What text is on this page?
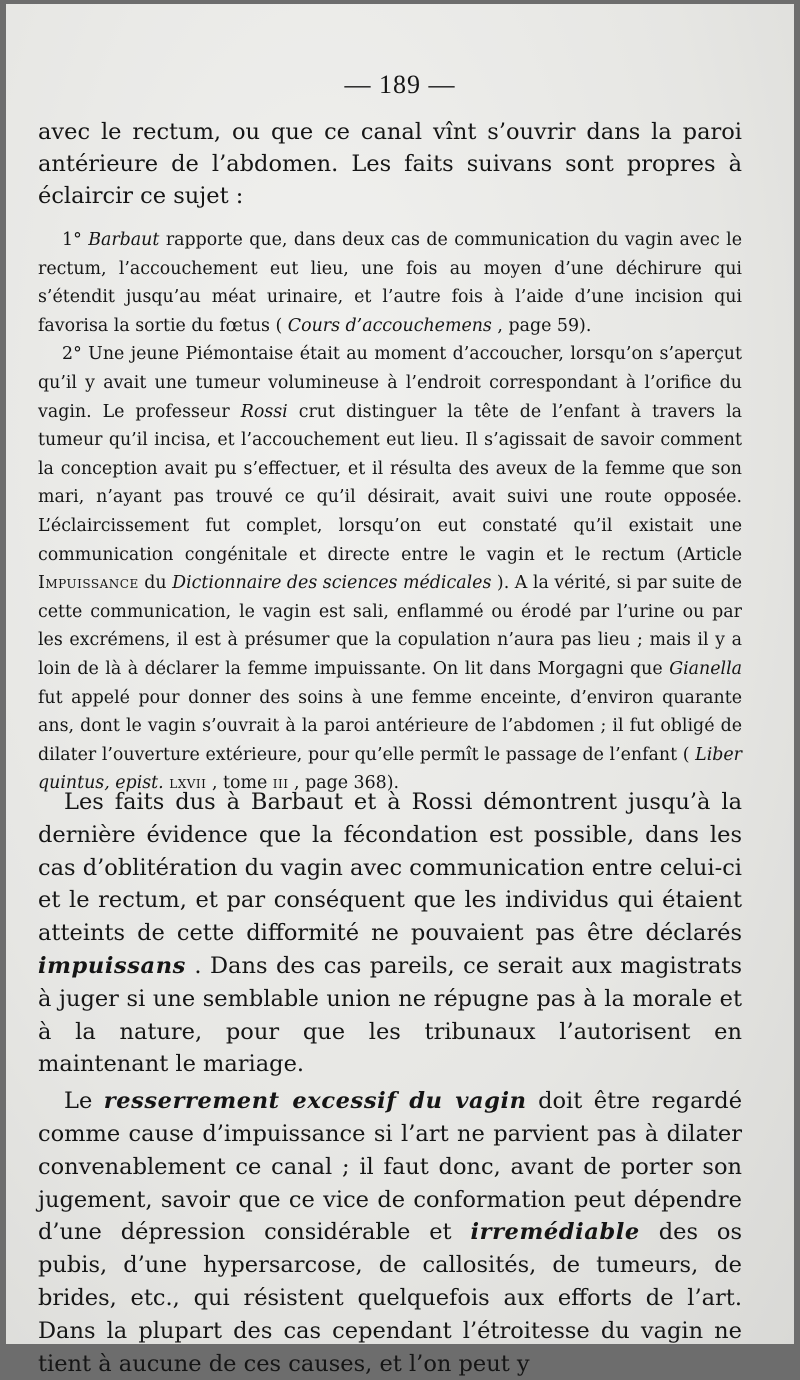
— 189 —
avec le rectum, ou que ce canal vînt s’ouvrir dans la paroi antérieure de l’abdomen. Les faits suivans sont propres à éclaircir ce sujet :

1° Barbaut rapporte que, dans deux cas de communication du vagin avec le rectum, l’accouchement eut lieu, une fois au moyen d’une déchirure qui s’étendit jusqu’au méat urinaire, et l’autre fois à l’aide d’une incision qui favorisa la sortie du fœtus ( Cours d’accouchemens , page 59).

2° Une jeune Piémontaise était au moment d’accoucher, lorsqu’on s’aperçut qu’il y avait une tumeur volumineuse à l’endroit correspondant à l’orifice du vagin. Le professeur Rossi crut distinguer la tête de l’enfant à travers la tumeur qu’il incisa, et l’accouchement eut lieu. Il s’agissait de savoir comment la conception avait pu s’effectuer, et il résulta des aveux de la femme que son mari, n’ayant pas trouvé ce qu’il désirait, avait suivi une route opposée. L’éclaircissement fut complet, lorsqu’on eut constaté qu’il existait une communication congénitale et directe entre le vagin et le rectum (Article Impuissance du Dictionnaire des sciences médicales ). A la vérité, si par suite de cette communication, le vagin est sali, enflammé ou érodé par l’urine ou par les excrémens, il est à présumer que la copulation n’aura pas lieu ; mais il y a loin de là à déclarer la femme impuissante. On lit dans Morgagni que Gianella fut appelé pour donner des soins à une femme enceinte, d’environ quarante ans, dont le vagin s’ouvrait à la paroi antérieure de l’abdomen ; il fut obligé de dilater l’ouverture extérieure, pour qu’elle permît le passage de l’enfant ( Liber quintus, epist. lxvii , tome iii , page 368).

Les faits dus à Barbaut et à Rossi démontrent jusqu’à la dernière évidence que la fécondation est possible, dans les cas d’oblitération du vagin avec communication entre celui-ci et le rectum, et par conséquent que les individus qui étaient atteints de cette difformité ne pouvaient pas être déclarés impuissans . Dans des cas pareils, ce serait aux magistrats à juger si une semblable union ne répugne pas à la morale et à la nature, pour que les tribunaux l’autorisent en maintenant le mariage.

Le resserrement excessif du vagin doit être regardé comme cause d’impuissance si l’art ne parvient pas à dilater convenablement ce canal ; il faut donc, avant de porter son jugement, savoir que ce vice de conformation peut dépendre d’une dépression considérable et irremédiable des os pubis, d’une hypersarcose, de callosités, de tumeurs, de brides, etc., qui résistent quelquefois aux efforts de l’art. Dans la plupart des cas cependant l’étroitesse du vagin ne tient à aucune de ces causes, et l’on peut y
